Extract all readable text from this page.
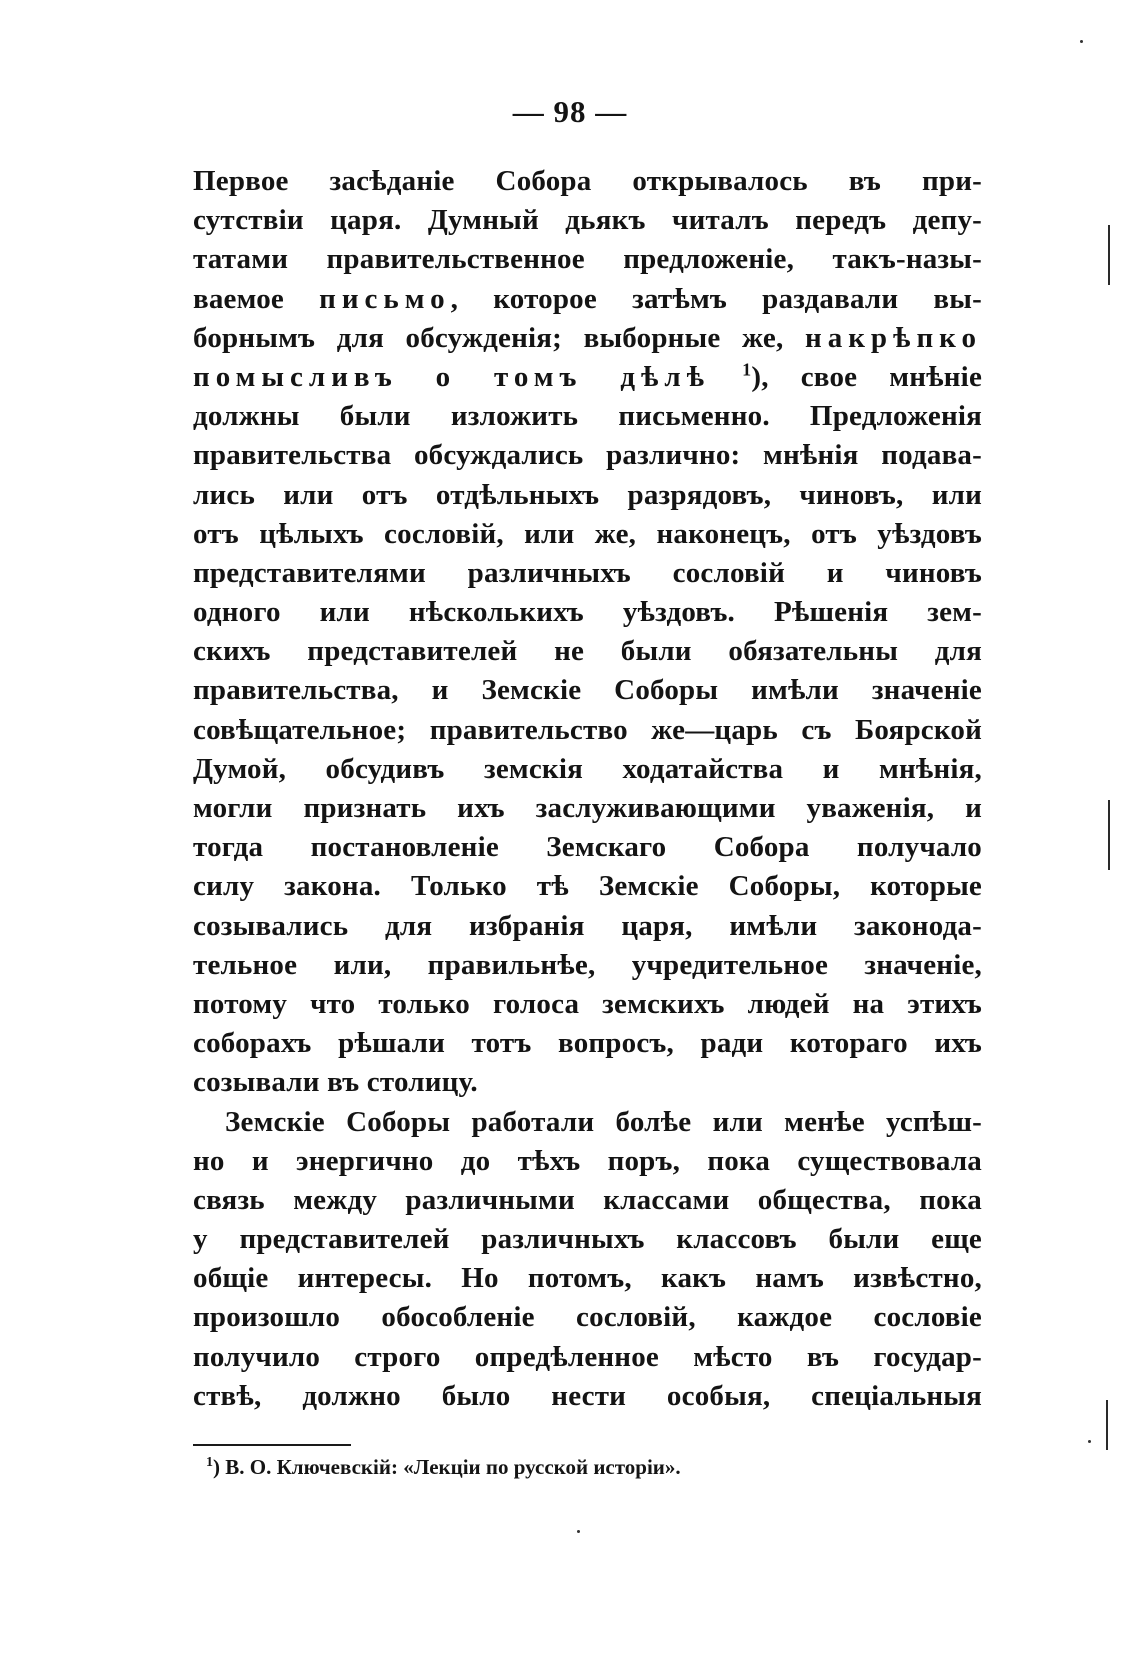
— 98 —
Первое засѣданіе Собора открывалось въ при-
сутствіи царя. Думный дьякъ читалъ передъ депу-
татами правительственное предложеніе, такъ-назы-
ваемое письмо, которое затѣмъ раздавали вы-
борнымъ для обсужденія; выборные же, накрѣпко
помысливъ о томъ дѣлѣ $^1$), свое мнѣніе
должны были изложить письменно. Предложенія
правительства обсуждались различно: мнѣнія подава-
лись или отъ отдѣльныхъ разрядовъ, чиновъ, или
отъ цѣлыхъ сословій, или же, наконецъ, отъ уѣздовъ
представителями различныхъ сословій и чиновъ
одного или нѣсколькихъ уѣздовъ. Рѣшенія зем-
скихъ представителей не были обязательны для
правительства, и Земскіе Соборы имѣли значеніе
совѣщательное; правительство же—царь съ Боярской
Думой, обсудивъ земскія ходатайства и мнѣнія,
могли признать ихъ заслуживающими уваженія, и
тогда постановленіе Земскаго Собора получало
силу закона. Только тѣ Земскіе Соборы, которые
созывались для избранія царя, имѣли законода-
тельное или, правильнѣе, учредительное значеніе,
потому что только голоса земскихъ людей на этихъ
соборахъ рѣшали тотъ вопросъ, ради котораго ихъ
созывали въ столицу.
Земскіе Соборы работали болѣе или менѣе успѣш-
но и энергично до тѣхъ поръ, пока существовала
связь между различными классами общества, пока
у представителей различныхъ классовъ были еще
общіе интересы. Но потомъ, какъ намъ извѣстно,
произошло обособленіе сословій, каждое сословіе
получило строго опредѣленное мѣсто въ государ-
ствѣ, должно было нести особыя, спеціальныя
$^1$) В. О. Ключевскій: «Лекціи по русской исторіи».
